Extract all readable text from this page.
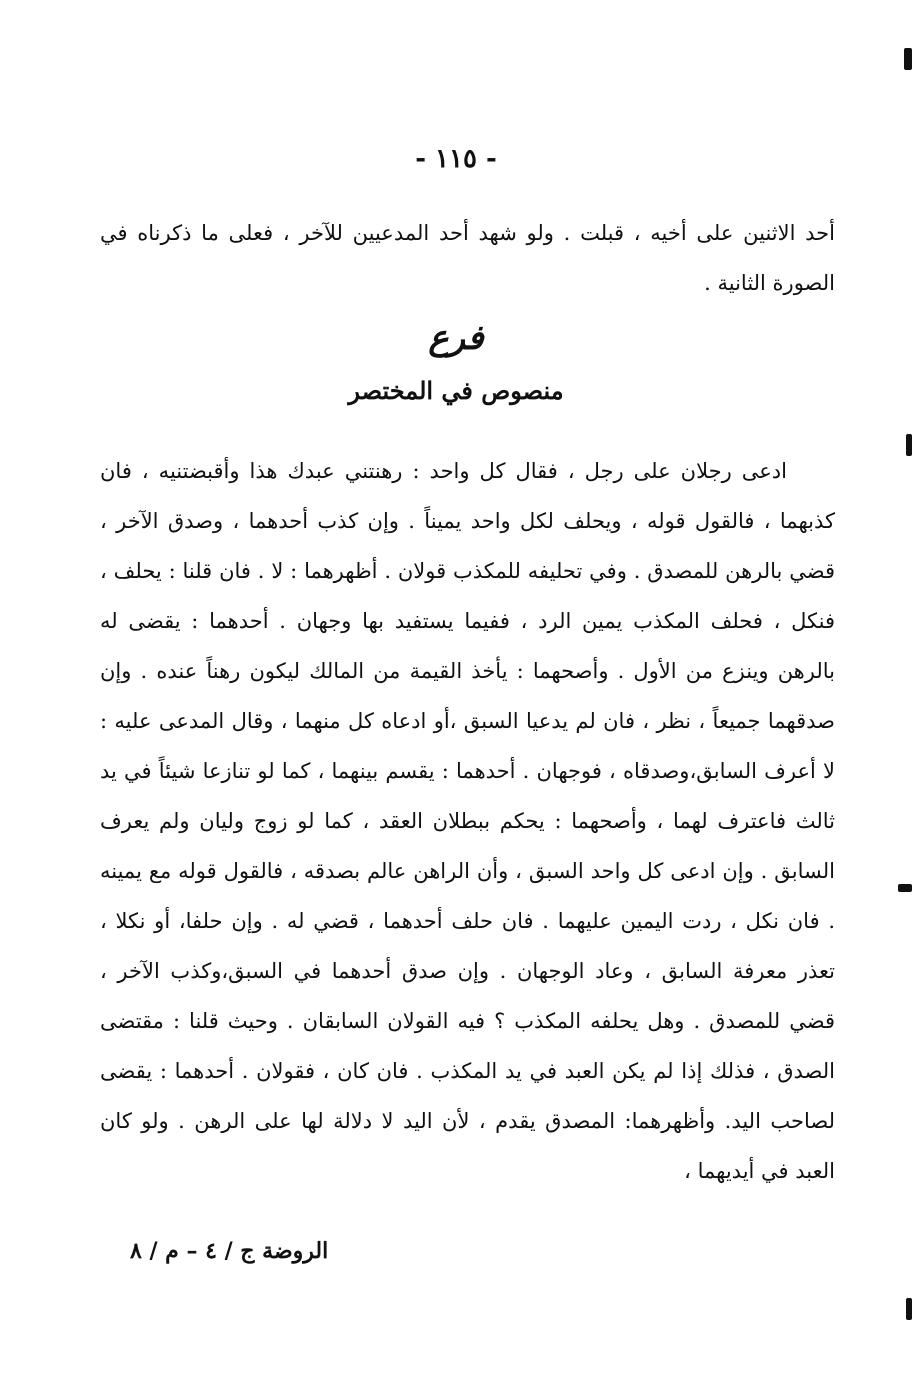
- ١١٥ -

أحد الاثنين على أخيه ، قبلت . ولو شهد أحد المدعيين للآخر ، فعلى ما ذكرناه في الصورة الثانية .

فرع
منصوص في المختصر

ادعى رجلان على رجل ، فقال كل واحد : رهنتني عبدك هذا وأقبضتنيه ، فان كذبهما ، فالقول قوله ، ويحلف لكل واحد يميناً . وإن كذب أحدهما ، وصدق الآخر ، قضي بالرهن للمصدق . وفي تحليفه للمكذب قولان . أظهرهما : لا . فان قلنا : يحلف ، فنكل ، فحلف المكذب يمين الرد ، ففيما يستفيد بها وجهان . أحدهما : يقضى له بالرهن وينزع من الأول . وأصحهما : يأخذ القيمة من المالك ليكون رهناً عنده . وإن صدقهما جميعاً ، نظر ، فان لم يدعيا السبق ،أو ادعاه كل منهما ، وقال المدعى عليه : لا أعرف السابق،وصدقاه ، فوجهان . أحدهما : يقسم بينهما ، كما لو تنازعا شيئاً في يد ثالث فاعترف لهما ، وأصحهما : يحكم ببطلان العقد ، كما لو زوج وليان ولم يعرف السابق . وإن ادعى كل واحد السبق ، وأن الراهن عالم بصدقه ، فالقول قوله مع يمينه . فان نكل ، ردت اليمين عليهما . فان حلف أحدهما ، قضي له . وإن حلفا، أو نكلا ، تعذر معرفة السابق ، وعاد الوجهان . وإن صدق أحدهما في السبق،وكذب الآخر ، قضي للمصدق . وهل يحلفه المكذب ؟ فيه القولان السابقان . وحيث قلنا : مقتضى الصدق ، فذلك إذا لم يكن العبد في يد المكذب . فان كان ، فقولان . أحدهما : يقضى لصاحب اليد. وأظهرهما: المصدق يقدم ، لأن اليد لا دلالة لها على الرهن . ولو كان العبد في أيديهما ،

الروضة ج / ٤ – م / ٨
